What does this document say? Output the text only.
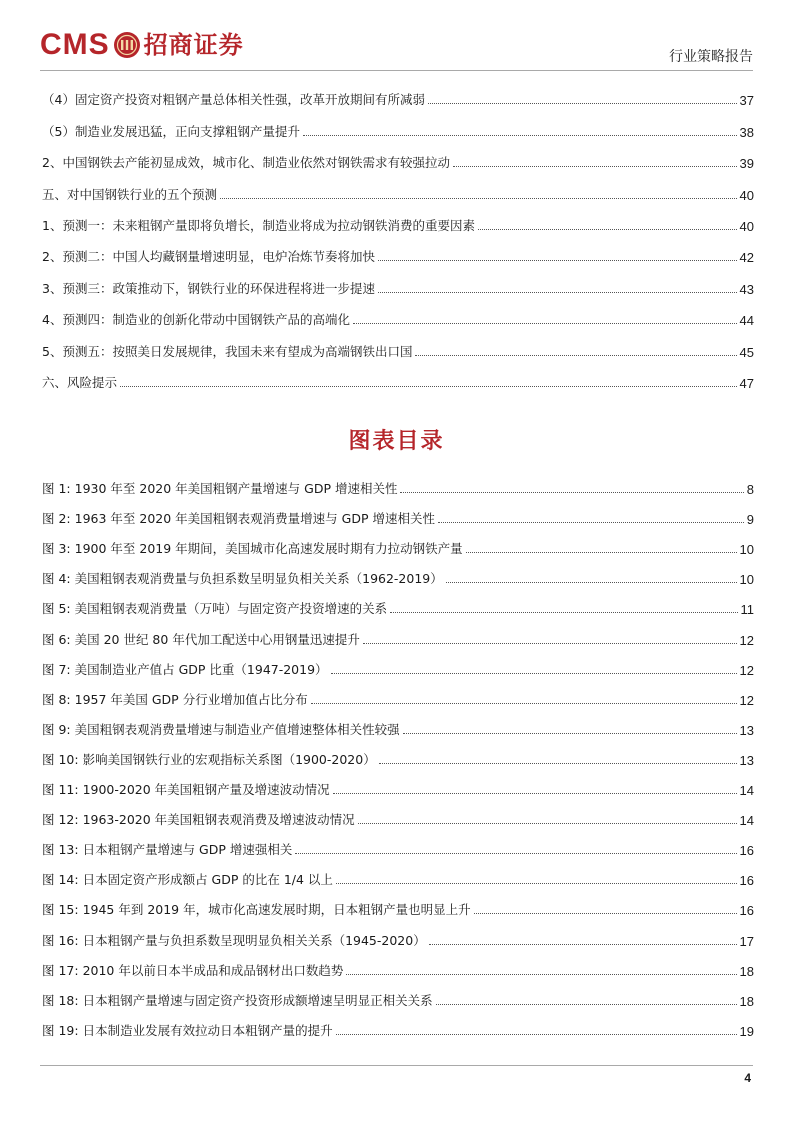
CMS 招商证券	行业策略报告
（4）固定资产投资对粗钢产量总体相关性强，改革开放期间有所减弱	37
（5）制造业发展迅猛，正向支撑粗钢产量提升	38
2、中国钢铁去产能初显成效，城市化、制造业依然对钢铁需求有较强拉动	39
五、对中国钢铁行业的五个预测	40
1、预测一：未来粗钢产量即将负增长，制造业将成为拉动钢铁消费的重要因素	40
2、预测二：中国人均藏钢量增速明显，电炉冶炼节奏将加快	42
3、预测三：政策推动下，钢铁行业的环保进程将进一步提速	43
4、预测四：制造业的创新化带动中国钢铁产品的高端化	44
5、预测五：按照美日发展规律，我国未来有望成为高端钢铁出口国	45
六、风险提示	47
图表目录
图 1: 1930 年至 2020 年美国粗钢产量增速与 GDP 增速相关性	8
图 2: 1963 年至 2020 年美国粗钢表观消费量增速与 GDP 增速相关性	9
图 3: 1900 年至 2019 年期间，美国城市化高速发展时期有力拉动钢铁产量	10
图 4: 美国粗钢表观消费量与负担系数呈明显负相关关系（1962-2019）	10
图 5: 美国粗钢表观消费量（万吨）与固定资产投资增速的关系	11
图 6: 美国 20 世纪 80 年代加工配送中心用钢量迅速提升	12
图 7: 美国制造业产值占 GDP 比重（1947-2019）	12
图 8: 1957 年美国 GDP 分行业增加值占比分布	12
图 9: 美国粗钢表观消费量增速与制造业产值增速整体相关性较强	13
图 10: 影响美国钢铁行业的宏观指标关系图（1900-2020）	13
图 11: 1900-2020 年美国粗钢产量及增速波动情况	14
图 12: 1963-2020 年美国粗钢表观消费及增速波动情况	14
图 13: 日本粗钢产量增速与 GDP 增速强相关	16
图 14: 日本固定资产形成额占 GDP 的比在 1/4 以上	16
图 15: 1945 年到 2019 年，城市化高速发展时期，日本粗钢产量也明显上升	16
图 16: 日本粗钢产量与负担系数呈现明显负相关关系（1945-2020）	17
图 17: 2010 年以前日本半成品和成品钢材出口数趋势	18
图 18: 日本粗钢产量增速与固定资产投资形成额增速呈明显正相关关系	18
图 19: 日本制造业发展有效拉动日本粗钢产量的提升	19
4
